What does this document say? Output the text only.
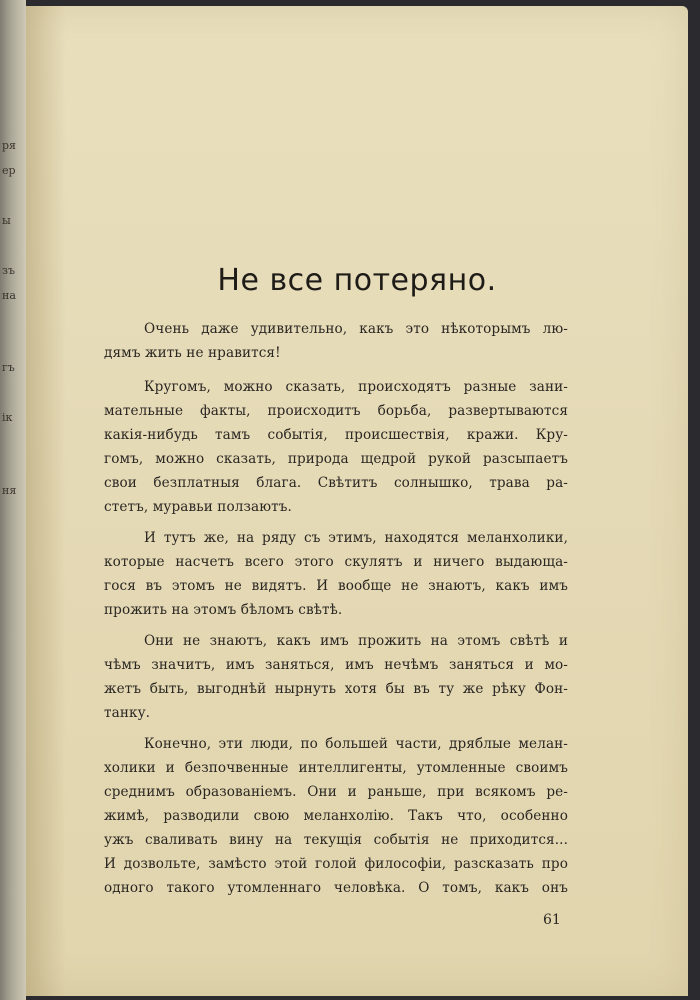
ря
ер
ы
зъ
на
гъ
ік
ня
Не все потеряно.
Очень даже удивительно, какъ это нѣкоторымъ лю-
дямъ жить не нравится!
Кругомъ, можно сказать, происходятъ разные зани-
мательные факты, происходитъ борьба, развертываются
какія-нибудь тамъ событія, происшествія, кражи. Кру-
гомъ, можно сказать, природа щедрой рукой разсыпаетъ
свои безплатныя блага. Свѣтитъ солнышко, трава ра-
стетъ, муравьи ползаютъ.
И тутъ же, на ряду съ этимъ, находятся меланхолики,
которые насчетъ всего этого скулятъ и ничего выдающа-
гося въ этомъ не видятъ. И вообще не знаютъ, какъ имъ
прожить на этомъ бѣломъ свѣтѣ.
Они не знаютъ, какъ имъ прожить на этомъ свѣтѣ и
чѣмъ значитъ, имъ заняться, имъ нечѣмъ заняться и мо-
жетъ быть, выгоднѣй нырнуть хотя бы въ ту же рѣку Фон-
танку.
Конечно, эти люди, по большей части, дряблые мелан-
холики и безпочвенные интеллигенты, утомленные своимъ
среднимъ образованіемъ. Они и раньше, при всякомъ ре-
жимѣ, разводили свою меланхолію. Такъ что, особенно
ужъ сваливать вину на текущія событія не приходится...
И дозвольте, замѣсто этой голой философіи, разсказать про
одного такого утомленнаго человѣка. О томъ, какъ онъ
61
